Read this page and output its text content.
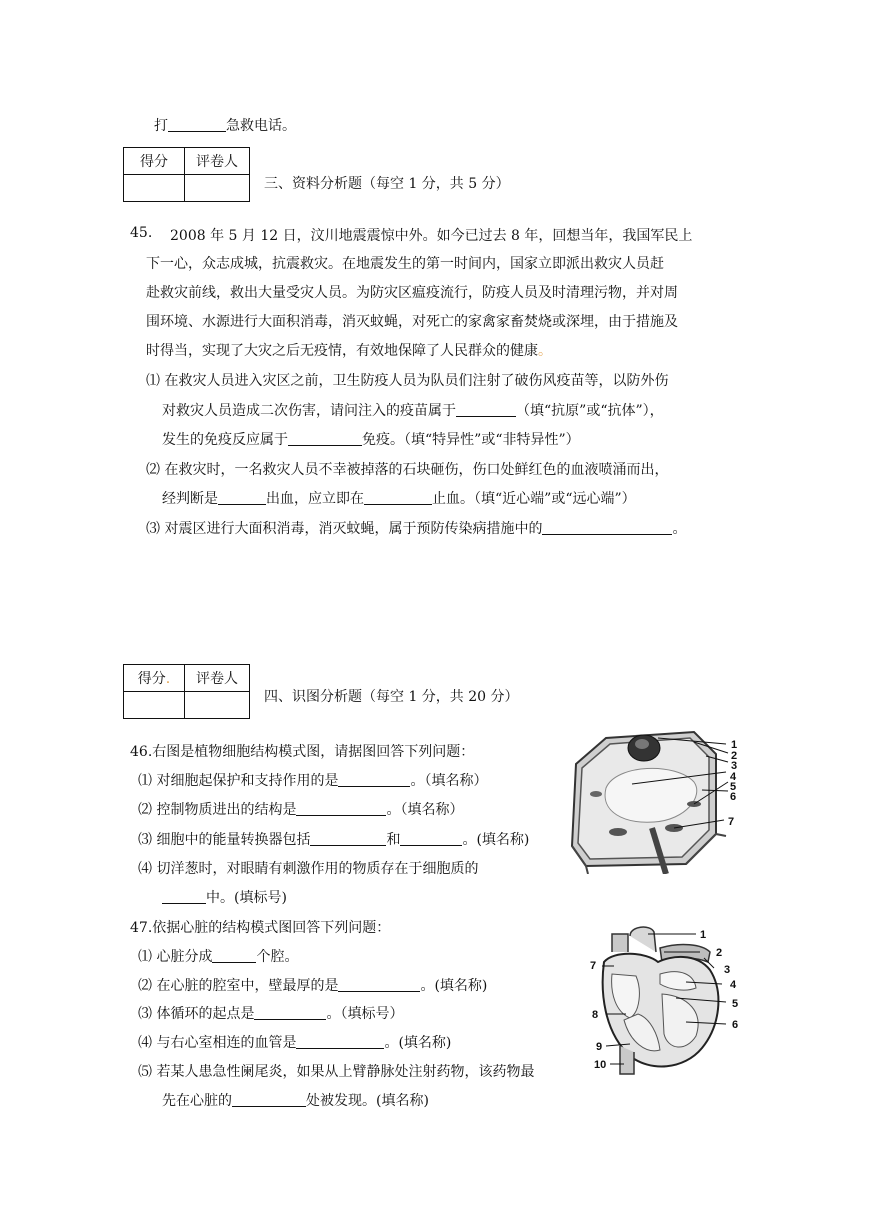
打	急救电话。
得分	评卷人

三、资料分析题（每空 1 分，共 5 分）
45. 2008 年 5 月 12 日，汶川地震震惊中外。如今已过去 8 年，回想当年，我国军民上
下一心，众志成城，抗震救灾。在地震发生的第一时间内，国家立即派出救灾人员赶
赴救灾前线，救出大量受灾人员。为防灾区瘟疫流行，防疫人员及时清理污物，并对周
围环境、水源进行大面积消毒，消灭蚊蝇，对死亡的家禽家畜焚烧或深埋，由于措施及
时得当，实现了大灾之后无疫情，有效地保障了人民群众的健康。
⑴ 在救灾人员进入灾区之前，卫生防疫人员为队员们注射了破伤风疫苗等，以防外伤
对救灾人员造成二次伤害，请问注入的疫苗属于	（填“抗原”或“抗体”），
发生的免疫反应属于	免疫。（填“特异性”或“非特异性”）
⑵ 在救灾时，一名救灾人员不幸被掉落的石块砸伤，伤口处鲜红色的血液喷涌而出，
经判断是	出血，应立即在	止血。（填“近心端”或“远心端”）
⑶ 对震区进行大面积消毒，消灭蚊蝇，属于预防传染病措施中的	。
得分.	评卷人

四、识图分析题（每空 1 分，共 20 分）
46.右图是植物细胞结构模式图，请据图回答下列问题：
⑴ 对细胞起保护和支持作用的是	。（填名称）
⑵ 控制物质进出的结构是	。（填名称）
⑶ 细胞中的能量转换器包括	和	。(填名称)
⑷ 切洋葱时，对眼睛有刺激作用的物质存在于细胞质的
中。(填标号)
1
2
3
4
5
6
7
47.依据心脏的结构模式图回答下列问题：
⑴ 心脏分成	个腔。
⑵ 在心脏的腔室中，壁最厚的是	。(填名称)
⑶ 体循环的起点是	。（填标号）
⑷ 与右心室相连的血管是	。(填名称)
⑸ 若某人患急性阑尾炎，如果从上臂静脉处注射药物，该药物最
先在心脏的	处被发现。(填名称)
1
2
3
4
5
6
7
8
9
10
